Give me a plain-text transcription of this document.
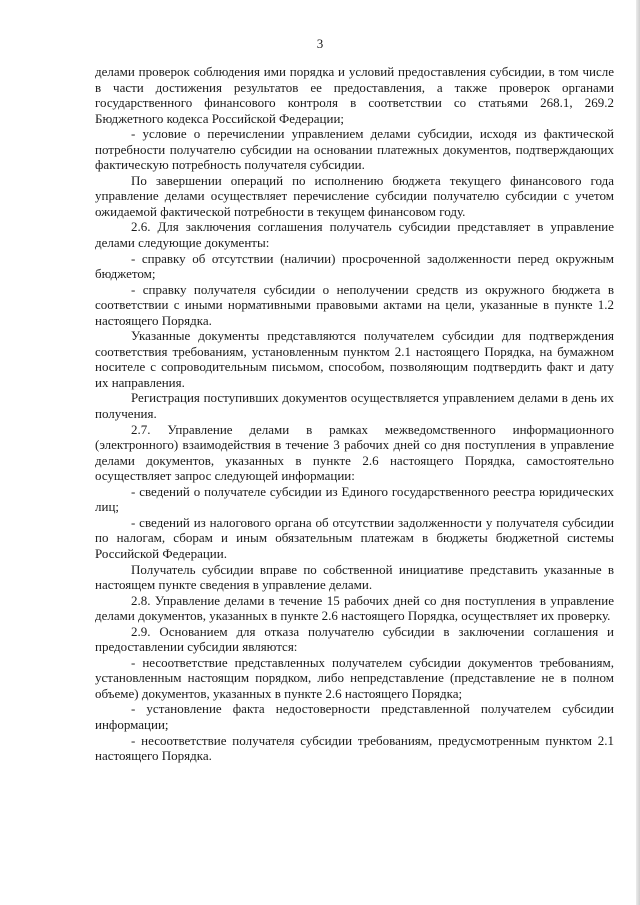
3

делами проверок соблюдения ими порядка и условий предоставления субсидии, в том числе в части достижения результатов ее предоставления, а также проверок органами государственного финансового контроля в соответствии со статьями 268.1, 269.2 Бюджетного кодекса Российской Федерации;

- условие о перечислении управлением делами субсидии, исходя из фактической потребности получателю субсидии на основании платежных документов, подтверждающих фактическую потребность получателя субсидии.

По завершении операций по исполнению бюджета текущего финансового года управление делами осуществляет перечисление субсидии получателю субсидии с учетом ожидаемой фактической потребности в текущем финансовом году.

2.6. Для заключения соглашения получатель субсидии представляет в управление делами следующие документы:

- справку об отсутствии (наличии) просроченной задолженности перед окружным бюджетом;

- справку получателя субсидии о неполучении средств из окружного бюджета в соответствии с иными нормативными правовыми актами на цели, указанные в пункте 1.2 настоящего Порядка.

Указанные документы представляются получателем субсидии для подтверждения соответствия требованиям, установленным пунктом 2.1 настоящего Порядка, на бумажном носителе с сопроводительным письмом, способом, позволяющим подтвердить факт и дату их направления.

Регистрация поступивших документов осуществляется управлением делами в день их получения.

2.7. Управление делами в рамках межведомственного информационного (электронного) взаимодействия в течение 3 рабочих дней со дня поступления в управление делами документов, указанных в пункте 2.6 настоящего Порядка, самостоятельно осуществляет запрос следующей информации:

- сведений о получателе субсидии из Единого государственного реестра юридических лиц;

- сведений из налогового органа об отсутствии задолженности у получателя субсидии по налогам, сборам и иным обязательным платежам в бюджеты бюджетной системы Российской Федерации.

Получатель субсидии вправе по собственной инициативе представить указанные в настоящем пункте сведения в управление делами.

2.8. Управление делами в течение 15 рабочих дней со дня поступления в управление делами документов, указанных в пункте 2.6 настоящего Порядка, осуществляет их проверку.

2.9. Основанием для отказа получателю субсидии в заключении соглашения и предоставлении субсидии являются:

- несоответствие представленных получателем субсидии документов требованиям, установленным настоящим порядком, либо непредставление (представление не в полном объеме) документов, указанных в пункте 2.6 настоящего Порядка;

- установление факта недостоверности представленной получателем субсидии информации;

- несоответствие получателя субсидии требованиям, предусмотренным пунктом 2.1 настоящего Порядка.
